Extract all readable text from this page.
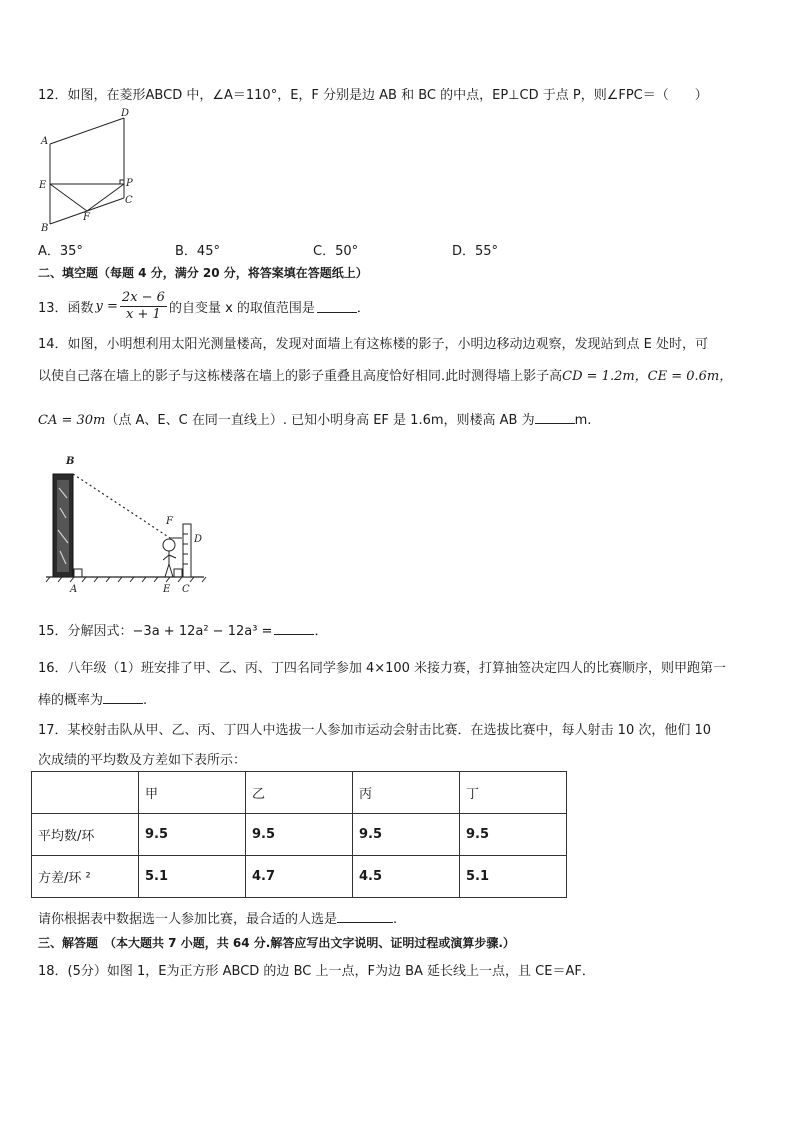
12．如图，在菱形ABCD 中，∠A＝110°，E，F 分别是边 AB 和 BC 的中点，EP⊥CD 于点 P，则∠FPC＝（　　）
A
D
E	P
C
F
B
A．35°	B．45°	C．50°	D．55°
二、填空题（每题 4 分，满分 20 分，将答案填在答题纸上）
13．函数 $y = \frac{2x - 6}{x + 1}$ 的自变量 x 的取值范围是	．
14．如图，小明想利用太阳光测量楼高，发现对面墙上有这栋楼的影子，小明边移动边观察，发现站到点 E 处时，可
以使自己落在墙上的影子与这栋楼落在墙上的影子重叠且高度恰好相同.此时测得墙上影子高CD = 1.2m，CE = 0.6m，
CA = 30m（点 A、E、C 在同一直线上）. 已知小明身高 EF 是 1.6m，则楼高 AB 为	m.
B
F
D
A	E C
15．分解因式：−3a + 12a² − 12a³ =	．
16．八年级（1）班安排了甲、乙、丙、丁四名同学参加 4×100 米接力赛，打算抽签决定四人的比赛顺序，则甲跑第一
棒的概率为	.
17．某校射击队从甲、乙、丙、丁四人中选拔一人参加市运动会射击比赛．在选拔比赛中，每人射击 10 次，他们 10
次成绩的平均数及方差如下表所示：
	甲	乙	丙	丁
平均数/环	9.5	9.5	9.5	9.5
方差/环 ²	5.1	4.7	4.5	5.1
请你根据表中数据选一人参加比赛，最合适的人选是	.
三、解答题　（本大题共 7 小题，共 64 分.解答应写出文字说明、证明过程或演算步骤.）
18．(5分）如图 1，E为正方形 ABCD 的边 BC 上一点，F为边 BA 延长线上一点，且 CE＝AF．
